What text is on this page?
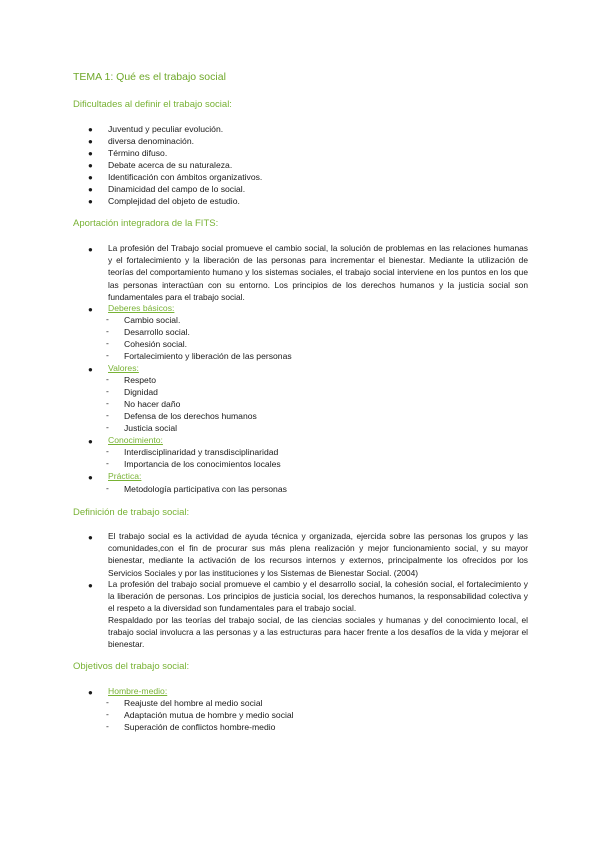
TEMA 1: Qué es el trabajo social
Dificultades al definir el trabajo social:
● Juventud y peculiar evolución.
● diversa denominación.
● Término difuso.
● Debate acerca de su naturaleza.
● Identificación con ámbitos organizativos.
● Dinamicidad del campo de lo social.
● Complejidad del objeto de estudio.
Aportación integradora de la FITS:
● La profesión del Trabajo social promueve el cambio social, la solución de problemas en las relaciones humanas y el fortalecimiento y la liberación de las personas para incrementar el bienestar. Mediante la utilización de teorías del comportamiento humano y los sistemas sociales, el trabajo social interviene en los puntos en los que las personas interactúan con su entorno. Los principios de los derechos humanos y la justicia social son fundamentales para el trabajo social.
● Deberes básicos:
- Cambio social.
- Desarrollo social.
- Cohesión social.
- Fortalecimiento y liberación de las personas
● Valores:
- Respeto
- Dignidad
- No hacer daño
- Defensa de los derechos humanos
- Justicia social
● Conocimiento:
- Interdisciplinaridad y transdisciplinaridad
- Importancia de los conocimientos locales
● Práctica:
- Metodología participativa con las personas
Definición de trabajo social:
● El trabajo social es la actividad de ayuda técnica y organizada, ejercida sobre las personas los grupos y las comunidades,con el fin de procurar sus más plena realización y mejor funcionamiento social, y su mayor bienestar, mediante la activación de los recursos internos y externos, principalmente los ofrecidos por los Servicios Sociales y por las instituciones y los Sistemas de Bienestar Social. (2004)
● La profesión del trabajo social promueve el cambio y el desarrollo social, la cohesión social, el fortalecimiento y la liberación de personas. Los principios de justicia social, los derechos humanos, la responsabilidad colectiva y el respeto a la diversidad son fundamentales para el trabajo social.
Respaldado por las teorías del trabajo social, de las ciencias sociales y humanas y del conocimiento local, el trabajo social involucra a las personas y a las estructuras para hacer frente a los desafíos de la vida y mejorar el bienestar.
Objetivos del trabajo social:
● Hombre-medio:
- Reajuste del hombre al medio social
- Adaptación mutua de hombre y medio social
- Superación de conflictos hombre-medio
